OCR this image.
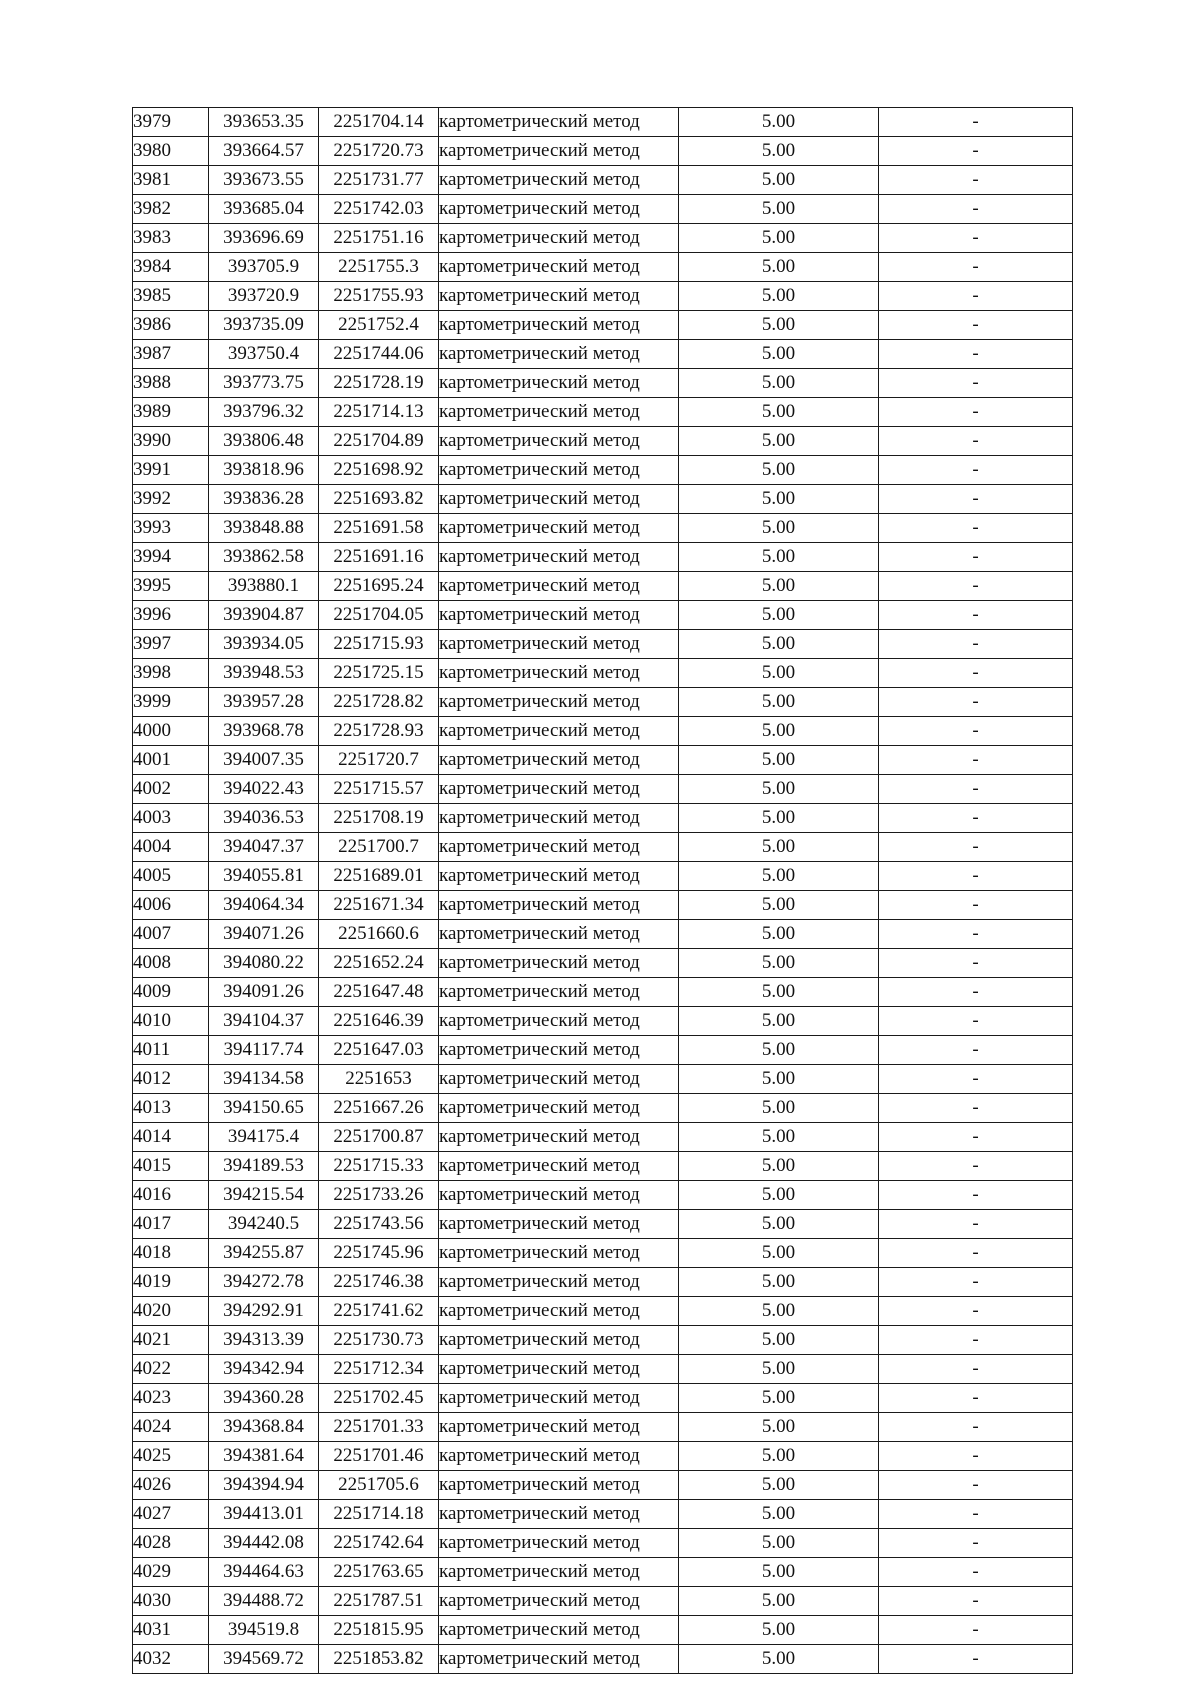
3979	393653.35	2251704.14	картометрический метод	5.00	-
3980	393664.57	2251720.73	картометрический метод	5.00	-
3981	393673.55	2251731.77	картометрический метод	5.00	-
3982	393685.04	2251742.03	картометрический метод	5.00	-
3983	393696.69	2251751.16	картометрический метод	5.00	-
3984	393705.9	2251755.3	картометрический метод	5.00	-
3985	393720.9	2251755.93	картометрический метод	5.00	-
3986	393735.09	2251752.4	картометрический метод	5.00	-
3987	393750.4	2251744.06	картометрический метод	5.00	-
3988	393773.75	2251728.19	картометрический метод	5.00	-
3989	393796.32	2251714.13	картометрический метод	5.00	-
3990	393806.48	2251704.89	картометрический метод	5.00	-
3991	393818.96	2251698.92	картометрический метод	5.00	-
3992	393836.28	2251693.82	картометрический метод	5.00	-
3993	393848.88	2251691.58	картометрический метод	5.00	-
3994	393862.58	2251691.16	картометрический метод	5.00	-
3995	393880.1	2251695.24	картометрический метод	5.00	-
3996	393904.87	2251704.05	картометрический метод	5.00	-
3997	393934.05	2251715.93	картометрический метод	5.00	-
3998	393948.53	2251725.15	картометрический метод	5.00	-
3999	393957.28	2251728.82	картометрический метод	5.00	-
4000	393968.78	2251728.93	картометрический метод	5.00	-
4001	394007.35	2251720.7	картометрический метод	5.00	-
4002	394022.43	2251715.57	картометрический метод	5.00	-
4003	394036.53	2251708.19	картометрический метод	5.00	-
4004	394047.37	2251700.7	картометрический метод	5.00	-
4005	394055.81	2251689.01	картометрический метод	5.00	-
4006	394064.34	2251671.34	картометрический метод	5.00	-
4007	394071.26	2251660.6	картометрический метод	5.00	-
4008	394080.22	2251652.24	картометрический метод	5.00	-
4009	394091.26	2251647.48	картометрический метод	5.00	-
4010	394104.37	2251646.39	картометрический метод	5.00	-
4011	394117.74	2251647.03	картометрический метод	5.00	-
4012	394134.58	2251653	картометрический метод	5.00	-
4013	394150.65	2251667.26	картометрический метод	5.00	-
4014	394175.4	2251700.87	картометрический метод	5.00	-
4015	394189.53	2251715.33	картометрический метод	5.00	-
4016	394215.54	2251733.26	картометрический метод	5.00	-
4017	394240.5	2251743.56	картометрический метод	5.00	-
4018	394255.87	2251745.96	картометрический метод	5.00	-
4019	394272.78	2251746.38	картометрический метод	5.00	-
4020	394292.91	2251741.62	картометрический метод	5.00	-
4021	394313.39	2251730.73	картометрический метод	5.00	-
4022	394342.94	2251712.34	картометрический метод	5.00	-
4023	394360.28	2251702.45	картометрический метод	5.00	-
4024	394368.84	2251701.33	картометрический метод	5.00	-
4025	394381.64	2251701.46	картометрический метод	5.00	-
4026	394394.94	2251705.6	картометрический метод	5.00	-
4027	394413.01	2251714.18	картометрический метод	5.00	-
4028	394442.08	2251742.64	картометрический метод	5.00	-
4029	394464.63	2251763.65	картометрический метод	5.00	-
4030	394488.72	2251787.51	картометрический метод	5.00	-
4031	394519.8	2251815.95	картометрический метод	5.00	-
4032	394569.72	2251853.82	картометрический метод	5.00	-
